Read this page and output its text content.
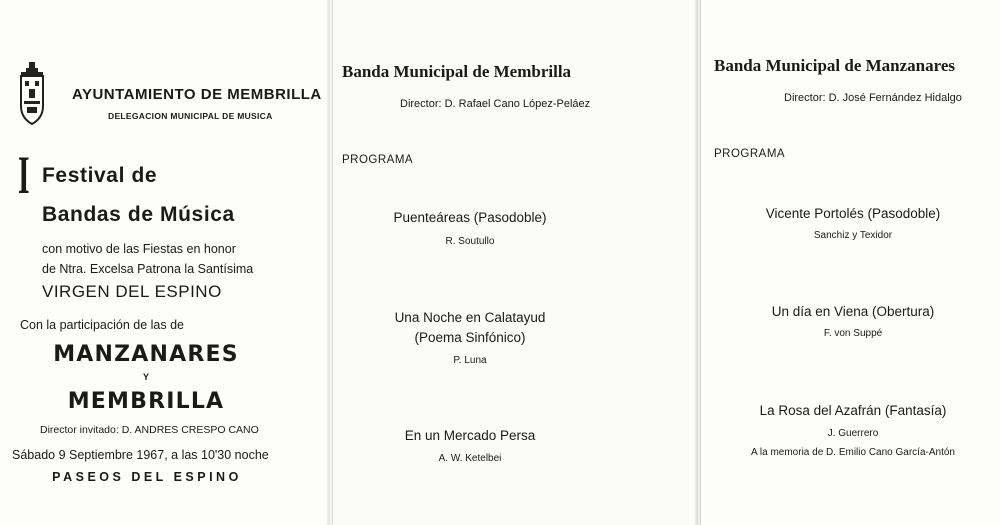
AYUNTAMIENTO DE MEMBRILLA
DELEGACION MUNICIPAL DE MUSICA
I Festival de
Bandas de Música
con motivo de las Fiestas en honor
de Ntra. Excelsa Patrona la Santísima
VIRGEN DEL ESPINO
Con la participación de las de
MANZANARES
Y
MEMBRILLA
Director invitado: D. ANDRES CRESPO CANO
Sábado 9 Septiembre 1967, a las 10'30 noche
PASEOS DEL ESPINO
Banda Municipal de Membrilla
Director: D. Rafael Cano López-Peláez
PROGRAMA
Puenteáreas (Pasodoble)
R. Soutullo
Una Noche en Calatayud
(Poema Sinfónico)
P. Luna
En un Mercado Persa
A. W. Ketelbei
Banda Municipal de Manzanares
Director: D. José Fernández Hidalgo
PROGRAMA
Vicente Portolés (Pasodoble)
Sanchiz y Texidor
Un día en Viena (Obertura)
F. von Suppé
La Rosa del Azafrán (Fantasía)
J. Guerrero
A la memoria de D. Emilio Cano García-Antón
